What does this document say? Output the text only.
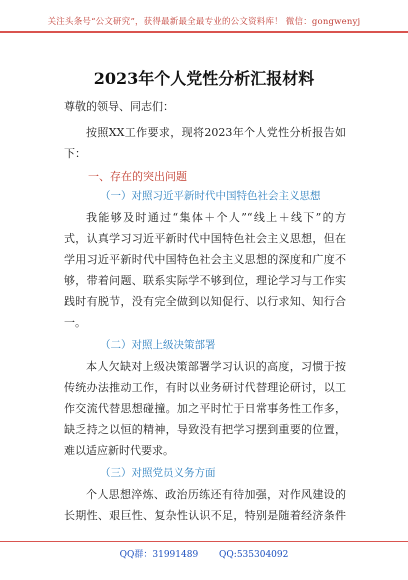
关注头条号“公文研究”，获得最新最全最专业的公文资料库！ 微信：gongwenyj
2023年个人党性分析汇报材料
尊敬的领导、同志们：
按照XX工作要求，现将2023年个人党性分析报告如
下：
一、存在的突出问题
（一）对照习近平新时代中国特色社会主义思想
我能够及时通过“集体＋个人”“线上＋线下”的方
式，认真学习习近平新时代中国特色社会主义思想，但在
学用习近平新时代中国特色社会主义思想的深度和广度不
够，带着问题、联系实际学不够到位，理论学习与工作实
践时有脱节，没有完全做到以知促行、以行求知、知行合
一。
（二）对照上级决策部署
本人欠缺对上级决策部署学习认识的高度，习惯于按
传统办法推动工作，有时以业务研讨代替理论研讨，以工
作交流代替思想碰撞。加之平时忙于日常事务性工作多，
缺乏持之以恒的精神，导致没有把学习摆到重要的位置，
难以适应新时代要求。
（三）对照党员义务方面
个人思想淬炼、政治历练还有待加强，对作风建设的
长期性、艰巨性、复杂性认识不足，特别是随着经济条件
QQ群：31991489 QQ:535304092
